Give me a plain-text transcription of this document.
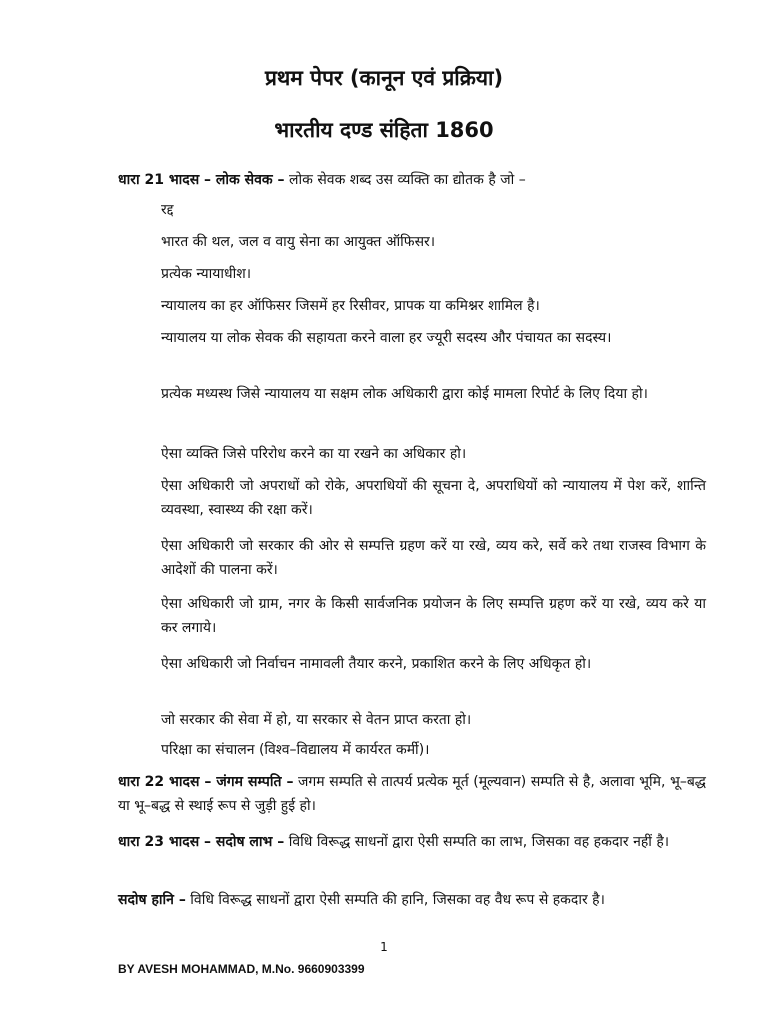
प्रथम पेपर (कानून एवं प्रक्रिया)
भारतीय दण्ड संहिता 1860
धारा 21 भादस – लोक सेवक – लोक सेवक शब्द उस व्यक्ति का द्योतक है जो –
रद्द
भारत की थल, जल व वायु सेना का आयुक्त ऑफिसर।
प्रत्येक न्यायाधीश।
न्यायालय का हर ऑफिसर जिसमें हर रिसीवर, प्रापक या कमिश्नर शामिल है।
न्यायालय या लोक सेवक की सहायता करने वाला हर ज्यूरी सदस्य और पंचायत का सदस्य।
प्रत्येक मध्यस्थ जिसे न्यायालय या सक्षम लोक अधिकारी द्वारा कोई मामला रिपोर्ट के लिए दिया हो।
ऐसा व्यक्ति जिसे परिरोध करने का या रखने का अधिकार हो।
ऐसा अधिकारी जो अपराधों को रोके, अपराधियों की सूचना दे, अपराधियों को न्यायालय में पेश करें, शान्ति व्यवस्था, स्वास्थ्य की रक्षा करें।
ऐसा अधिकारी जो सरकार की ओर से सम्पत्ति ग्रहण करें या रखे, व्यय करे, सर्वे करे तथा राजस्व विभाग के आदेशों की पालना करें।
ऐसा अधिकारी जो ग्राम, नगर के किसी सार्वजनिक प्रयोजन के लिए सम्पत्ति ग्रहण करें या रखे, व्यय करे या कर लगाये।
ऐसा अधिकारी जो निर्वाचन नामावली तैयार करने, प्रकाशित करने के लिए अधिकृत हो।
जो सरकार की सेवा में हो, या सरकार से वेतन प्राप्त करता हो।
परिक्षा का संचालन (विश्व–विद्यालय में कार्यरत कर्मी)।
धारा 22 भादस – जंगम सम्पति – जगम सम्पति से तात्पर्य प्रत्येक मूर्त (मूल्यवान) सम्पति से है, अलावा भूमि, भू–बद्ध या भू–बद्ध से स्थाई रूप से जुड़ी हुई हो।
धारा 23 भादस – सदोष लाभ – विधि विरूद्ध साधनों द्वारा ऐसी सम्पति का लाभ, जिसका वह हकदार नहीं है।
सदोष हानि – विधि विरूद्ध साधनों द्वारा ऐसी सम्पति की हानि, जिसका वह वैध रूप से हकदार है।
1
BY AVESH MOHAMMAD, M.No. 9660903399
